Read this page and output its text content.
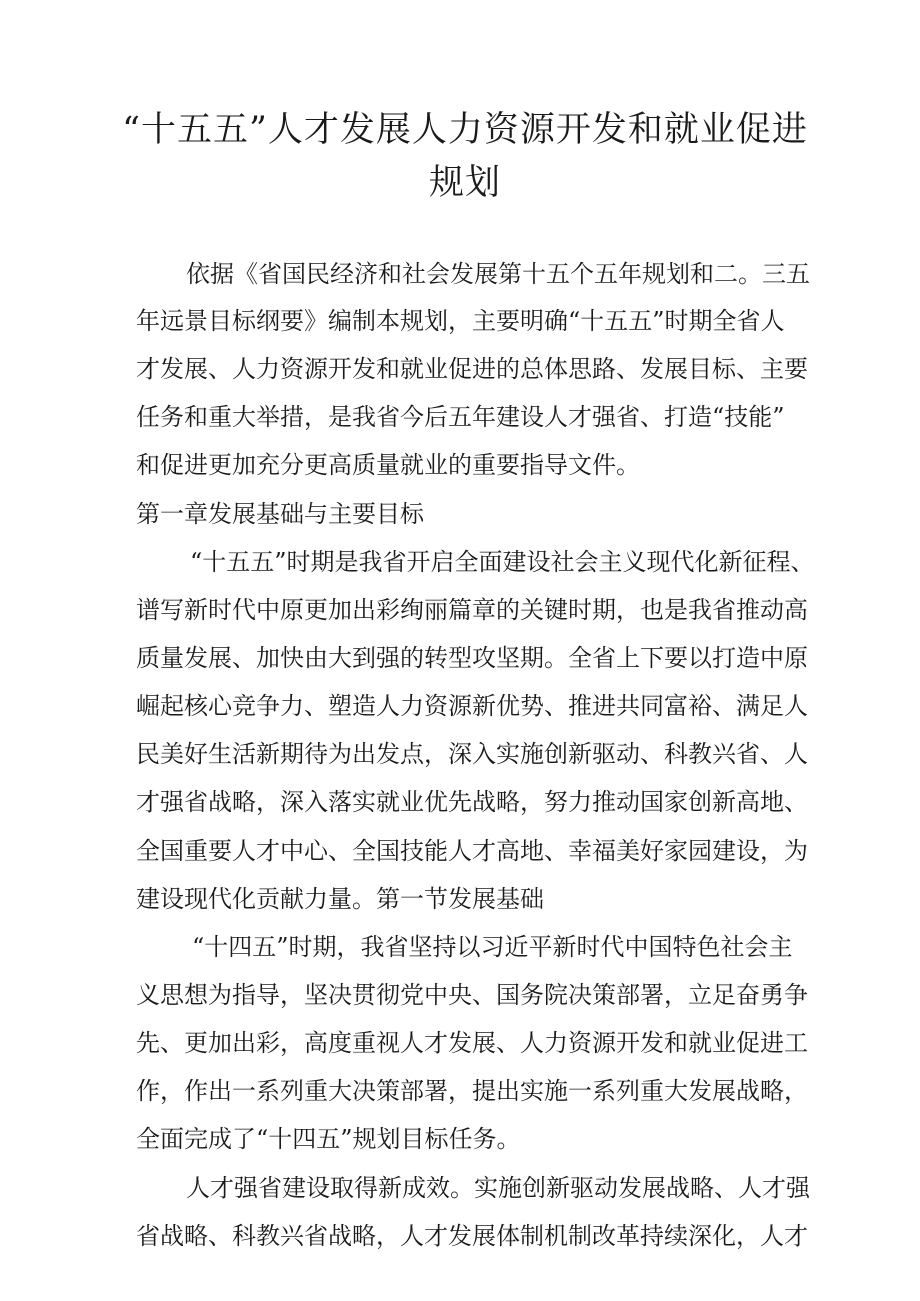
“十五五”人才发展人力资源开发和就业促进
规划

依据《省国民经济和社会发展第十五个五年规划和二。三五

年远景目标纲要》编制本规划，主要明确“十五五”时期全省人

才发展、人力资源开发和就业促进的总体思路、发展目标、主要

任务和重大举措，是我省今后五年建设人才强省、打造“技能”

和促进更加充分更高质量就业的重要指导文件。

第一章发展基础与主要目标

“十五五”时期是我省开启全面建设社会主义现代化新征程、

谱写新时代中原更加出彩绚丽篇章的关键时期，也是我省推动高

质量发展、加快由大到强的转型攻坚期。全省上下要以打造中原

崛起核心竞争力、塑造人力资源新优势、推进共同富裕、满足人

民美好生活新期待为出发点，深入实施创新驱动、科教兴省、人

才强省战略，深入落实就业优先战略，努力推动国家创新高地、

全国重要人才中心、全国技能人才高地、幸福美好家园建设，为

建设现代化贡献力量。第一节发展基础

“十四五”时期，我省坚持以习近平新时代中国特色社会主

义思想为指导，坚决贯彻党中央、国务院决策部署，立足奋勇争

先、更加出彩，高度重视人才发展、人力资源开发和就业促进工

作，作出一系列重大决策部署，提出实施一系列重大发展战略，

全面完成了“十四五”规划目标任务。

人才强省建设取得新成效。实施创新驱动发展战略、人才强

省战略、科教兴省战略，人才发展体制机制改革持续深化，人才
